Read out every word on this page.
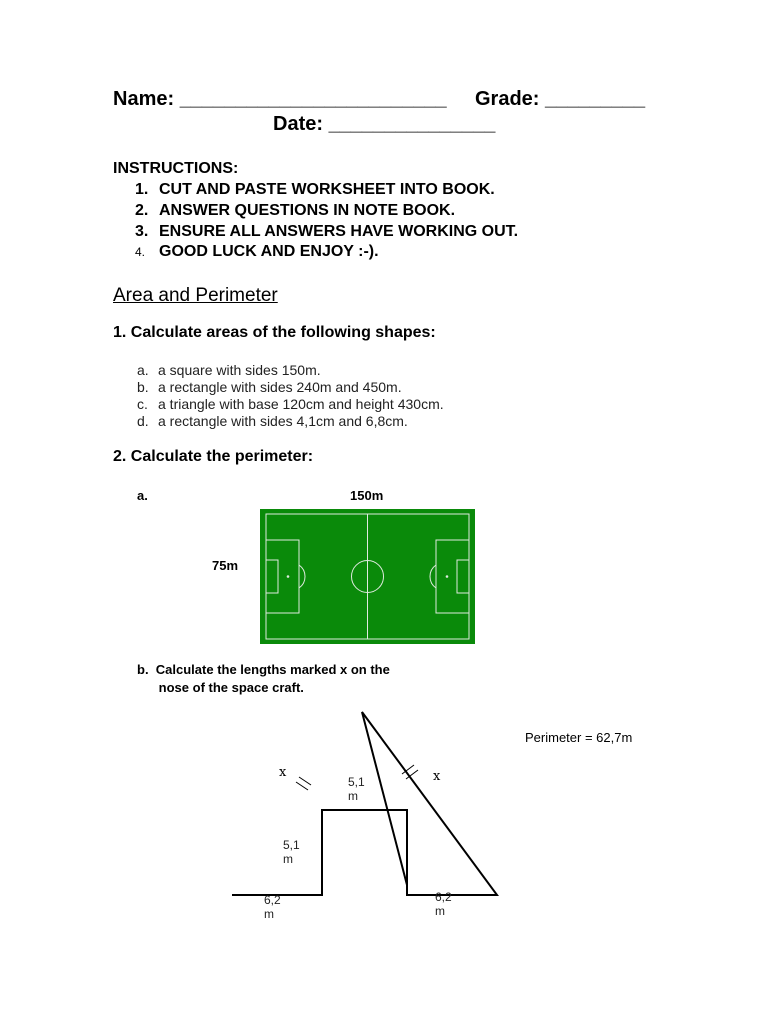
Name: ________________________ Grade: _________
Date: _______________
INSTRUCTIONS:
1. CUT AND PASTE WORKSHEET INTO BOOK.
2. ANSWER QUESTIONS IN NOTE BOOK.
3. ENSURE ALL ANSWERS HAVE WORKING OUT.
4. GOOD LUCK AND ENJOY :-).
Area and Perimeter
1. Calculate areas of the following shapes:
a. a square with sides 150m.
b. a rectangle with sides 240m and 450m.
c. a triangle with base 120cm and height 430cm.
d. a rectangle with sides 4,1cm and 6,8cm.
2. Calculate the perimeter:
a.	150m
75m
b.  Calculate the lengths marked x on the
nose of the space craft.
Perimeter = 62,7m
x	x
5,1
m
5,1
m
6,2
m
6,2
m
